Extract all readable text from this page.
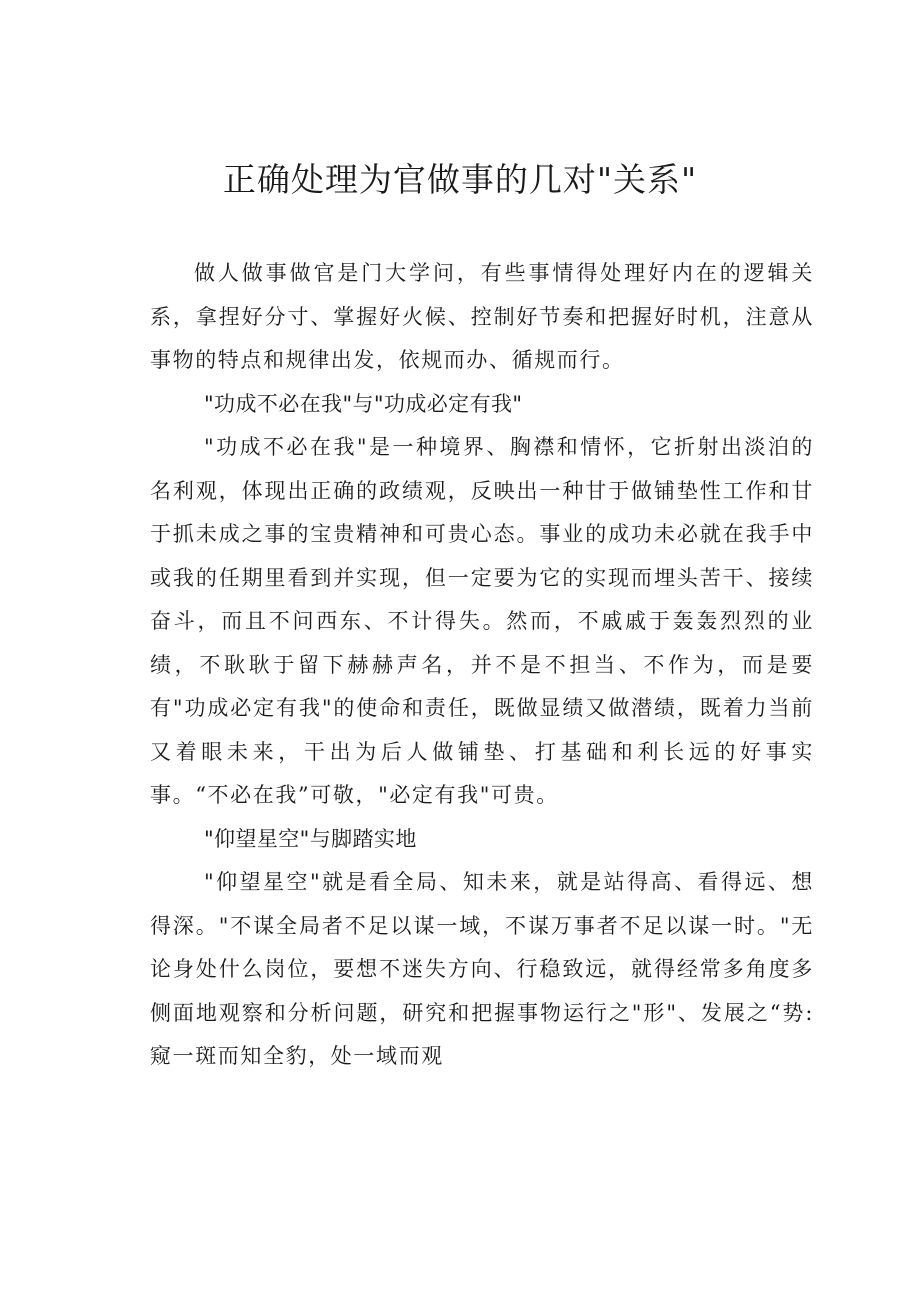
正确处理为官做事的几对"关系"

做人做事做官是门大学问，有些事情得处理好内在的逻辑关系，拿捏好分寸、掌握好火候、控制好节奏和把握好时机，注意从事物的特点和规律出发，依规而办、循规而行。

"功成不必在我"与"功成必定有我"

"功成不必在我"是一种境界、胸襟和情怀，它折射出淡泊的名利观，体现出正确的政绩观，反映出一种甘于做铺垫性工作和甘于抓未成之事的宝贵精神和可贵心态。事业的成功未必就在我手中或我的任期里看到并实现，但一定要为它的实现而埋头苦干、接续奋斗，而且不问西东、不计得失。然而，不戚戚于轰轰烈烈的业绩，不耿耿于留下赫赫声名，并不是不担当、不作为，而是要有"功成必定有我"的使命和责任，既做显绩又做潜绩，既着力当前又着眼未来，干出为后人做铺垫、打基础和利长远的好事实事。“不必在我”可敬，"必定有我"可贵。

"仰望星空"与脚踏实地

"仰望星空"就是看全局、知未来，就是站得高、看得远、想得深。"不谋全局者不足以谋一域，不谋万事者不足以谋一时。"无论身处什么岗位，要想不迷失方向、行稳致远，就得经常多角度多侧面地观察和分析问题，研究和把握事物运行之"形"、发展之“势:窥一斑而知全豹，处一域而观
